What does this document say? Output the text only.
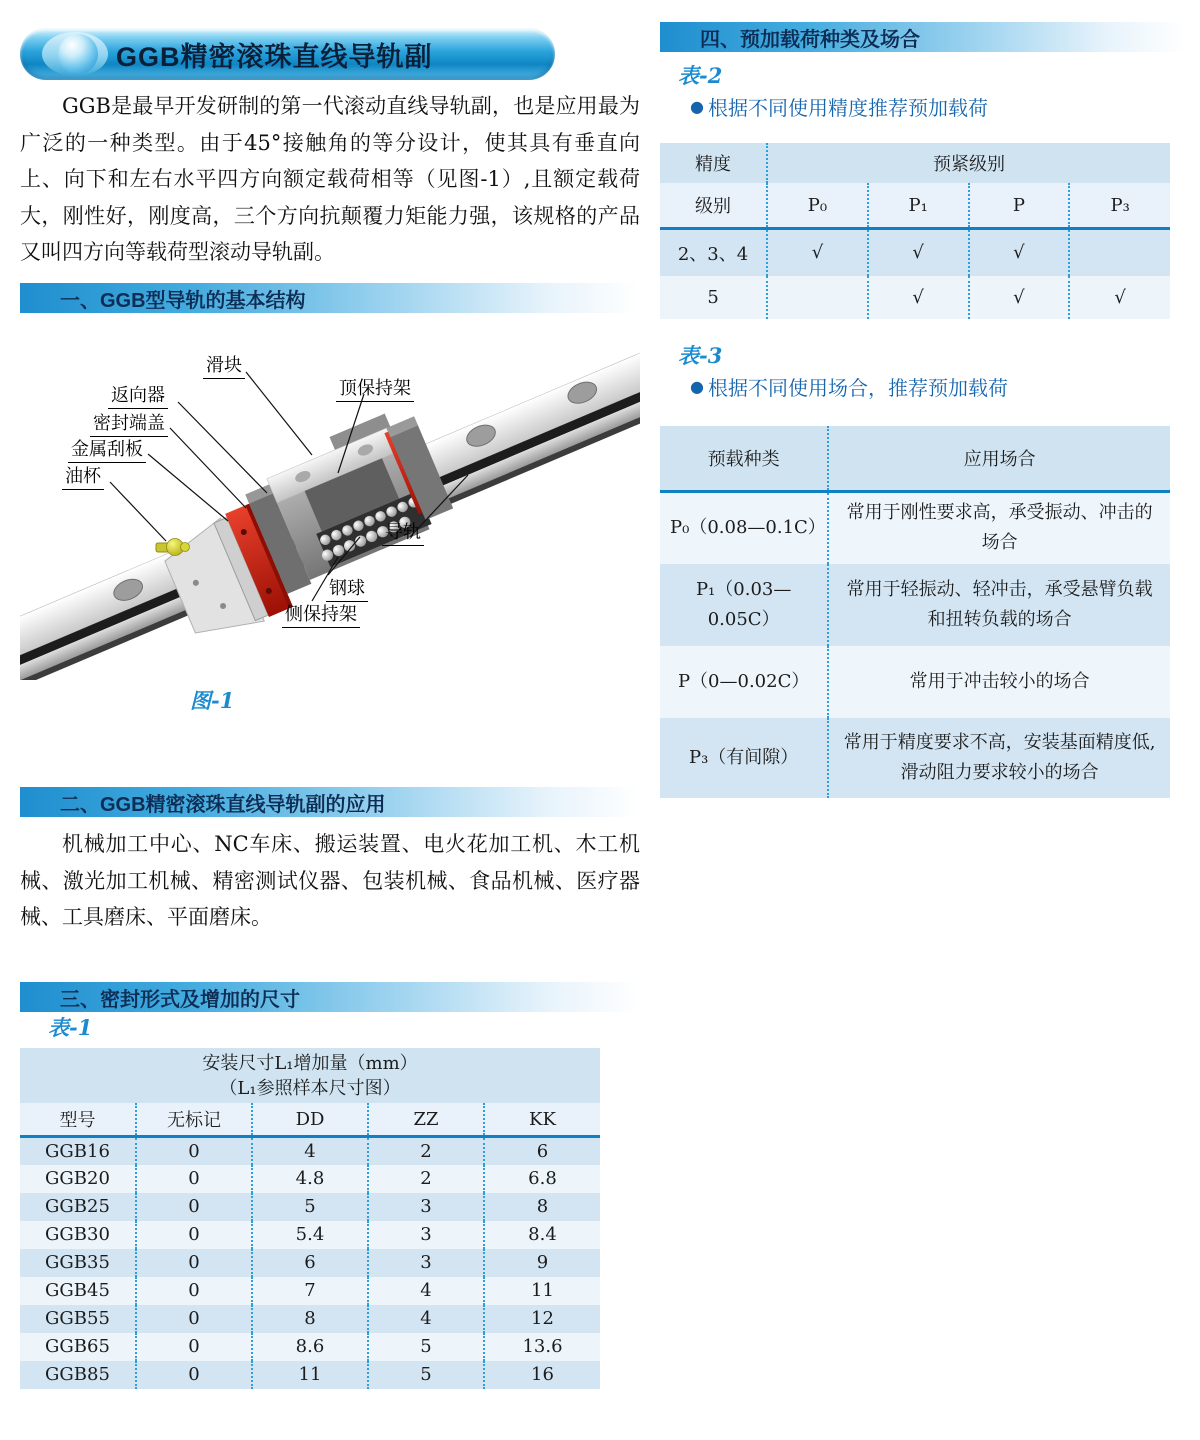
GGB精密滚珠直线导轨副
GGB是最早开发研制的第一代滚动直线导轨副，也是应用最为广泛的一种类型。由于45°接触角的等分设计，使其具有垂直向上、向下和左右水平四方向额定载荷相等（见图-1）,且额定载荷大，刚性好，刚度高，三个方向抗颠覆力矩能力强，该规格的产品又叫四方向等载荷型滚动导轨副。
一、GGB型导轨的基本结构
滑块
返向器
密封端盖
金属刮板
油杯
顶保持架
导轨
钢球
侧保持架
图-1
二、GGB精密滚珠直线导轨副的应用
机械加工中心、NC车床、搬运装置、电火花加工机、木工机械、激光加工机械、精密测试仪器、包装机械、食品机械、医疗器械、工具磨床、平面磨床。
三、密封形式及增加的尺寸
表-1
安装尺寸L₁增加量（mm）
（L₁参照样本尺寸图）				
型号	无标记	DD	ZZ	KK
GGB16	0	4	2	6
GGB20	0	4.8	2	6.8
GGB25	0	5	3	8
GGB30	0	5.4	3	8.4
GGB35	0	6	3	9
GGB45	0	7	4	11
GGB55	0	8	4	12
GGB65	0	8.6	5	13.6
GGB85	0	11	5	16
四、预加载荷种类及场合
表-2
● 根据不同使用精度推荐预加载荷
精度	预紧级别			
级别	P₀	P₁	P	P₃
2、3、4	√	√	√	
5		√	√	√
表-3
● 根据不同使用场合，推荐预加载荷
预载种类	应用场合
P₀（0.08—0.1C）	常用于刚性要求高，承受振动、冲击的场合
P₁（0.03—0.05C）	常用于轻振动、轻冲击，承受悬臂负载和扭转负载的场合
P（0—0.02C）	常用于冲击较小的场合
P₃（有间隙）	常用于精度要求不高，安装基面精度低,滑动阻力要求较小的场合
